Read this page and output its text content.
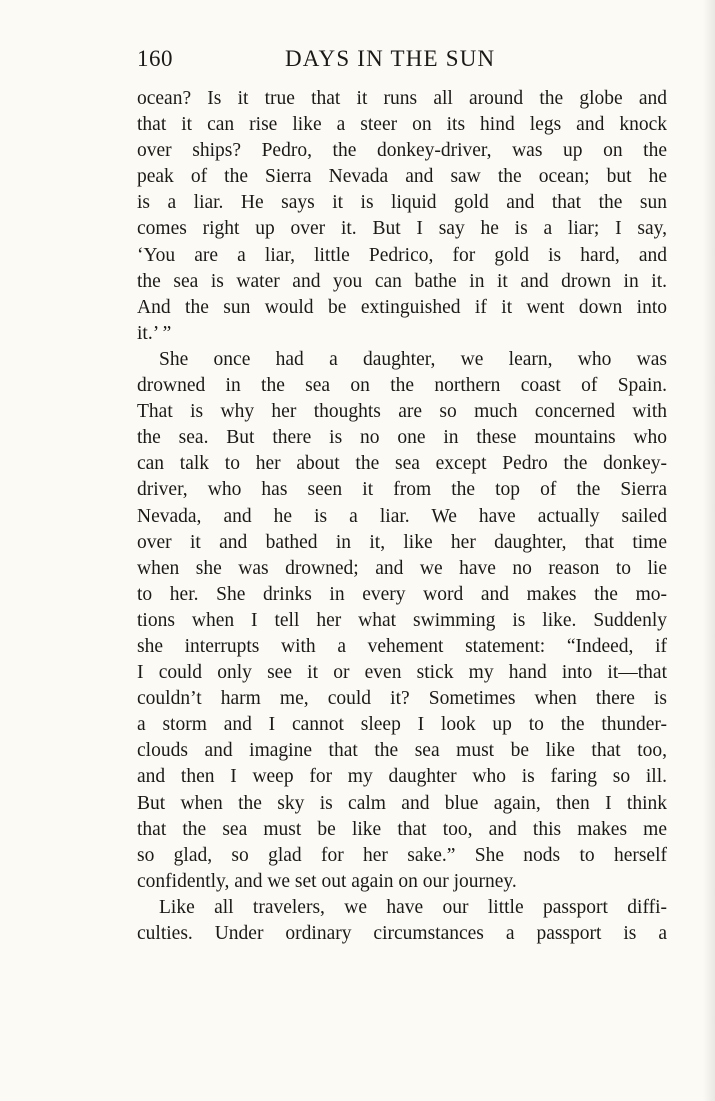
160	DAYS IN THE SUN
ocean? Is it true that it runs all around the globe and
that it can rise like a steer on its hind legs and knock
over ships? Pedro, the donkey-driver, was up on the
peak of the Sierra Nevada and saw the ocean; but he
is a liar. He says it is liquid gold and that the sun
comes right up over it. But I say he is a liar; I say,
‘You are a liar, little Pedrico, for gold is hard, and
the sea is water and you can bathe in it and drown in it.
And the sun would be extinguished if it went down into
it.’ ”
She once had a daughter, we learn, who was
drowned in the sea on the northern coast of Spain.
That is why her thoughts are so much concerned with
the sea. But there is no one in these mountains who
can talk to her about the sea except Pedro the donkey-
driver, who has seen it from the top of the Sierra
Nevada, and he is a liar. We have actually sailed
over it and bathed in it, like her daughter, that time
when she was drowned; and we have no reason to lie
to her. She drinks in every word and makes the mo-
tions when I tell her what swimming is like. Suddenly
she interrupts with a vehement statement: “Indeed, if
I could only see it or even stick my hand into it—that
couldn’t harm me, could it? Sometimes when there is
a storm and I cannot sleep I look up to the thunder-
clouds and imagine that the sea must be like that too,
and then I weep for my daughter who is faring so ill.
But when the sky is calm and blue again, then I think
that the sea must be like that too, and this makes me
so glad, so glad for her sake.” She nods to herself
confidently, and we set out again on our journey.
Like all travelers, we have our little passport diffi-
culties. Under ordinary circumstances a passport is a
